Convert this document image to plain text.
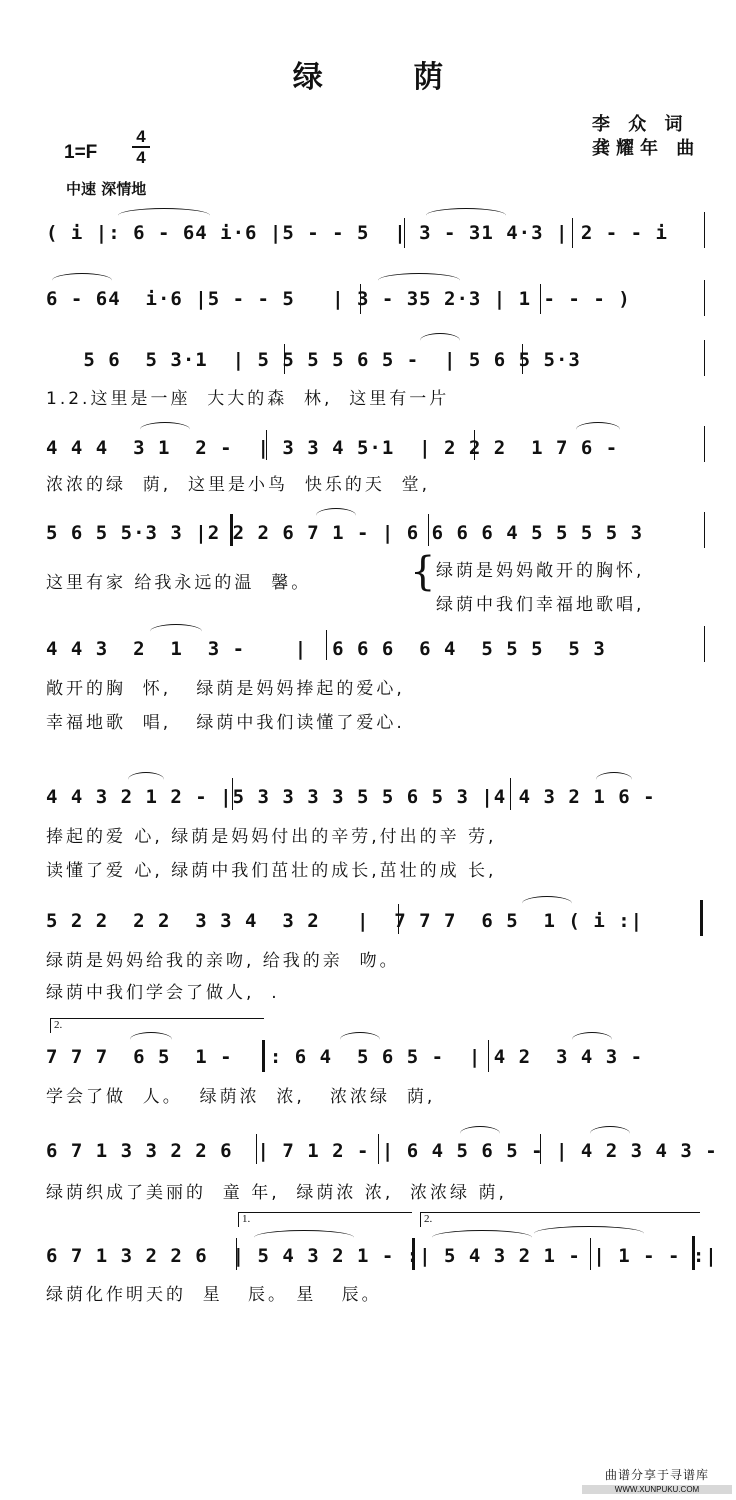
绿 荫
李 众 词
龚耀年 曲
1=F
4
4
中速 深情地
( i |: 6 - 64 i·6 |5 - - 5  | 3 - 31 4·3 | 2 - - i
6 - 64  i·6 |5 - - 5   | 3 - 35 2·3 | 1 - - - )
5 6  5 3·1  | 5 5 5 5 6 5 -  | 5 6 5 5·3
1.2.这里是一座  大大的森  林,  这里有一片
4 4 4  3 1  2 -  | 3 3 4 5·1  | 2 2 2  1 7 6 -
浓浓的绿  荫,  这里是小鸟  快乐的天  堂,
5 6 5 5·3 3 |2 2 2 6 7 1 - | 6 6 6 6 4 5 5 5 5 3
这里有家 给我永远的温  馨。	{ 绿荫是妈妈敞开的胸怀,
绿荫中我们幸福地歌唱,
4 4 3  2  1  3 -    |  6 6 6  6 4  5 5 5  5 3
敞开的胸  怀,   绿荫是妈妈捧起的爱心,
幸福地歌  唱,   绿荫中我们读懂了爱心.
4 4 3 2 1 2 - |5 3 3 3 3 5 5 6 5 3 |4 4 3 2 1 6 -
捧起的爱 心, 绿荫是妈妈付出的辛劳,付出的辛 劳,
读懂了爱 心, 绿荫中我们茁壮的成长,茁壮的成 长,
5 2 2  2 2  3 3 4  3 2   |  7 7 7  6 5  1 ( i :|
绿荫是妈妈给我的亲吻, 给我的亲  吻。
绿荫中我们学会了做人,  .
2.
7 7 7  6 5  1 -  |: 6 4  5 6 5 -  | 4 2  3 4 3 -
学会了做  人。  绿荫浓  浓,   浓浓绿  荫,
6 7 1 3 3 2 2 6  | 7 1 2 - | 6 4 5 6 5 - | 4 2 3 4 3 -
绿荫织成了美丽的  童 年,  绿荫浓 浓,  浓浓绿 荫,
1.	2.
6 7 1 3 2 2 6  | 5 4 3 2 1 - :| 5 4 3 2 1 - | 1 - - :|
绿荫化作明天的  星   辰。 星   辰。
曲谱分享于寻谱库
WWW.XUNPUKU.COM
